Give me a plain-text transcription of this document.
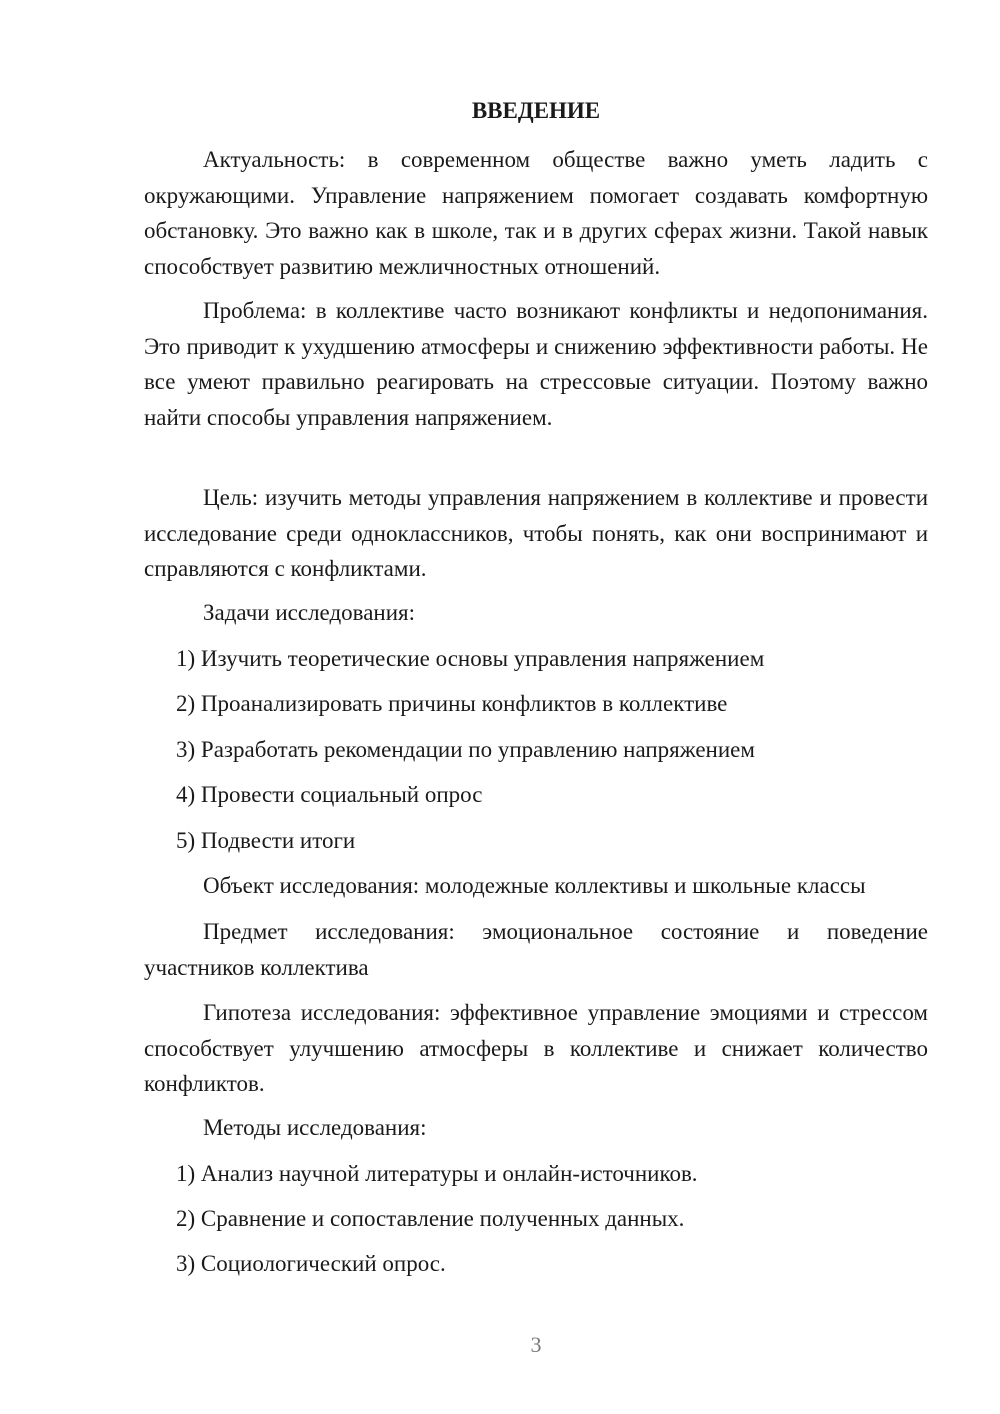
ВВЕДЕНИЕ

Актуальность: в современном обществе важно уметь ладить с окружающими. Управление напряжением помогает создавать комфортную обстановку. Это важно как в школе, так и в других сферах жизни. Такой навык способствует развитию межличностных отношений.

Проблема: в коллективе часто возникают конфликты и недопонимания. Это приводит к ухудшению атмосферы и снижению эффективности работы. Не все умеют правильно реагировать на стрессовые ситуации. Поэтому важно найти способы управления напряжением.

Цель: изучить методы управления напряжением в коллективе и провести исследование среди одноклассников, чтобы понять, как они воспринимают и справляются с конфликтами.

Задачи исследования:

1) Изучить теоретические основы управления напряжением

2) Проанализировать причины конфликтов в коллективе

3) Разработать рекомендации по управлению напряжением

4) Провести социальный опрос

5) Подвести итоги

Объект исследования: молодежные коллективы и школьные классы

Предмет исследования: эмоциональное состояние и поведение участников коллектива

Гипотеза исследования: эффективное управление эмоциями и стрессом способствует улучшению атмосферы в коллективе и снижает количество конфликтов.

Методы исследования:

1) Анализ научной литературы и онлайн-источников.

2) Сравнение и сопоставление полученных данных.

3) Социологический опрос.

3
